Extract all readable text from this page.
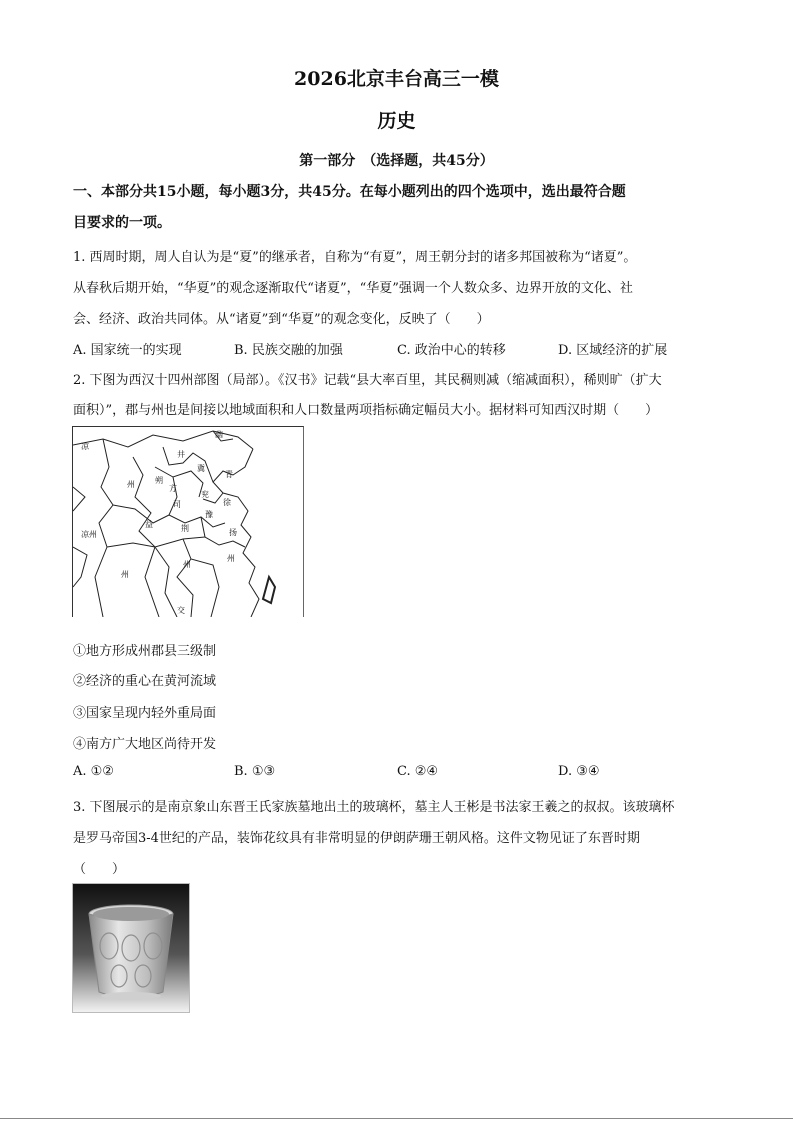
2026北京丰台高三一模
历史
第一部分　（选择题，共45分）
一、本部分共15小题，每小题3分，共45分。在每小题列出的四个选项中，选出最符合题
目要求的一项。
1. 西周时期，周人自认为是“夏”的继承者，自称为“有夏”，周王朝分封的诸多邦国被称为“诸夏”。
从春秋后期开始，“华夏”的观念逐渐取代“诸夏”，“华夏”强调一个人数众多、边界开放的文化、社
会、经济、政治共同体。从“诸夏”到“华夏”的观念变化，反映了（　　）
A. 国家统一的实现	B. 民族交融的加强	C. 政治中心的转移	D. 区域经济的扩展
2. 下图为西汉十四州部图（局部）。《汉书》记载“县大率百里，其民稠则减（缩减面积），稀则旷（扩大
面积）”，郡与州也是间接以地域面积和人口数量两项指标确定幅员大小。据材料可知西汉时期（　　）
凉
幽
井
冀
青
朔
州	方
司
兖
徐
豫
益	荆	扬
州
州
州
交
凉州
①地方形成州郡县三级制
②经济的重心在黄河流域
③国家呈现内轻外重局面
④南方广大地区尚待开发
A. ①②	B. ①③	C. ②④	D. ③④
3. 下图展示的是南京象山东晋王氏家族墓地出土的玻璃杯，墓主人王彬是书法家王羲之的叔叔。该玻璃杯
是罗马帝国3-4世纪的产品，装饰花纹具有非常明显的伊朗萨珊王朝风格。这件文物见证了东晋时期
（　　）
